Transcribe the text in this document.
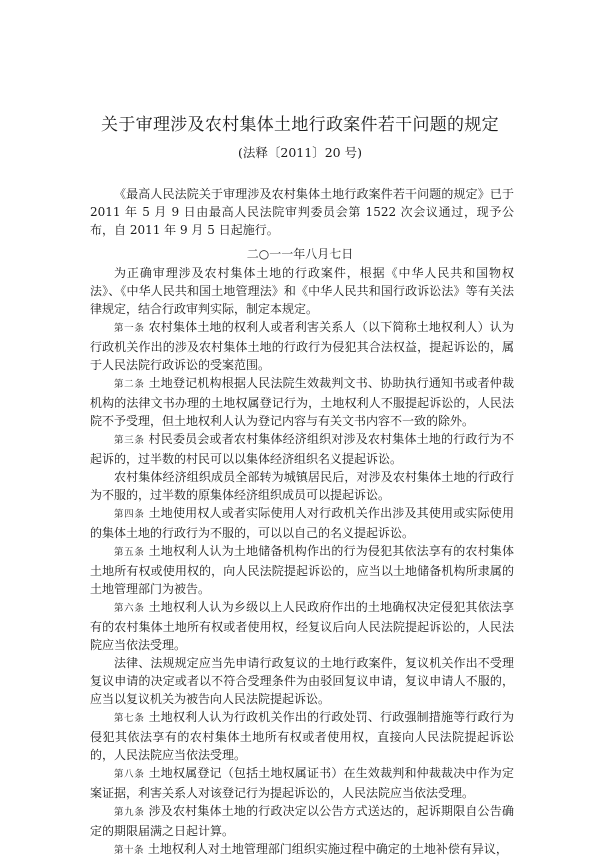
关于审理涉及农村集体土地行政案件若干问题的规定
(法释〔2011〕20 号)
《最高人民法院关于审理涉及农村集体土地行政案件若干问题的规定》已于2011 年 5 月 9 日由最高人民法院审判委员会第 1522 次会议通过，现予公布，自 2011 年 9 月 5 日起施行。
二○一一年八月七日

为正确审理涉及农村集体土地的行政案件，根据《中华人民共和国物权法》、《中华人民共和国土地管理法》和《中华人民共和国行政诉讼法》等有关法律规定，结合行政审判实际，制定本规定。

第一条 农村集体土地的权利人或者利害关系人（以下简称土地权利人）认为行政机关作出的涉及农村集体土地的行政行为侵犯其合法权益，提起诉讼的，属于人民法院行政诉讼的受案范围。

第二条 土地登记机构根据人民法院生效裁判文书、协助执行通知书或者仲裁机构的法律文书办理的土地权属登记行为，土地权利人不服提起诉讼的，人民法院不予受理，但土地权利人认为登记内容与有关文书内容不一致的除外。

第三条 村民委员会或者农村集体经济组织对涉及农村集体土地的行政行为不起诉的，过半数的村民可以以集体经济组织名义提起诉讼。

农村集体经济组织成员全部转为城镇居民后，对涉及农村集体土地的行政行为不服的，过半数的原集体经济组织成员可以提起诉讼。

第四条 土地使用权人或者实际使用人对行政机关作出涉及其使用或实际使用的集体土地的行政行为不服的，可以以自己的名义提起诉讼。

第五条 土地权利人认为土地储备机构作出的行为侵犯其依法享有的农村集体土地所有权或使用权的，向人民法院提起诉讼的，应当以土地储备机构所隶属的土地管理部门为被告。

第六条 土地权利人认为乡级以上人民政府作出的土地确权决定侵犯其依法享有的农村集体土地所有权或者使用权，经复议后向人民法院提起诉讼的，人民法院应当依法受理。

法律、法规规定应当先申请行政复议的土地行政案件，复议机关作出不受理复议申请的决定或者以不符合受理条件为由驳回复议申请，复议申请人不服的，应当以复议机关为被告向人民法院提起诉讼。

第七条 土地权利人认为行政机关作出的行政处罚、行政强制措施等行政行为侵犯其依法享有的农村集体土地所有权或者使用权，直接向人民法院提起诉讼的，人民法院应当依法受理。

第八条 土地权属登记（包括土地权属证书）在生效裁判和仲裁裁决中作为定案证据，利害关系人对该登记行为提起诉讼的，人民法院应当依法受理。

第九条 涉及农村集体土地的行政决定以公告方式送达的，起诉期限自公告确定的期限届满之日起计算。

第十条 土地权利人对土地管理部门组织实施过程中确定的土地补偿有异议，
